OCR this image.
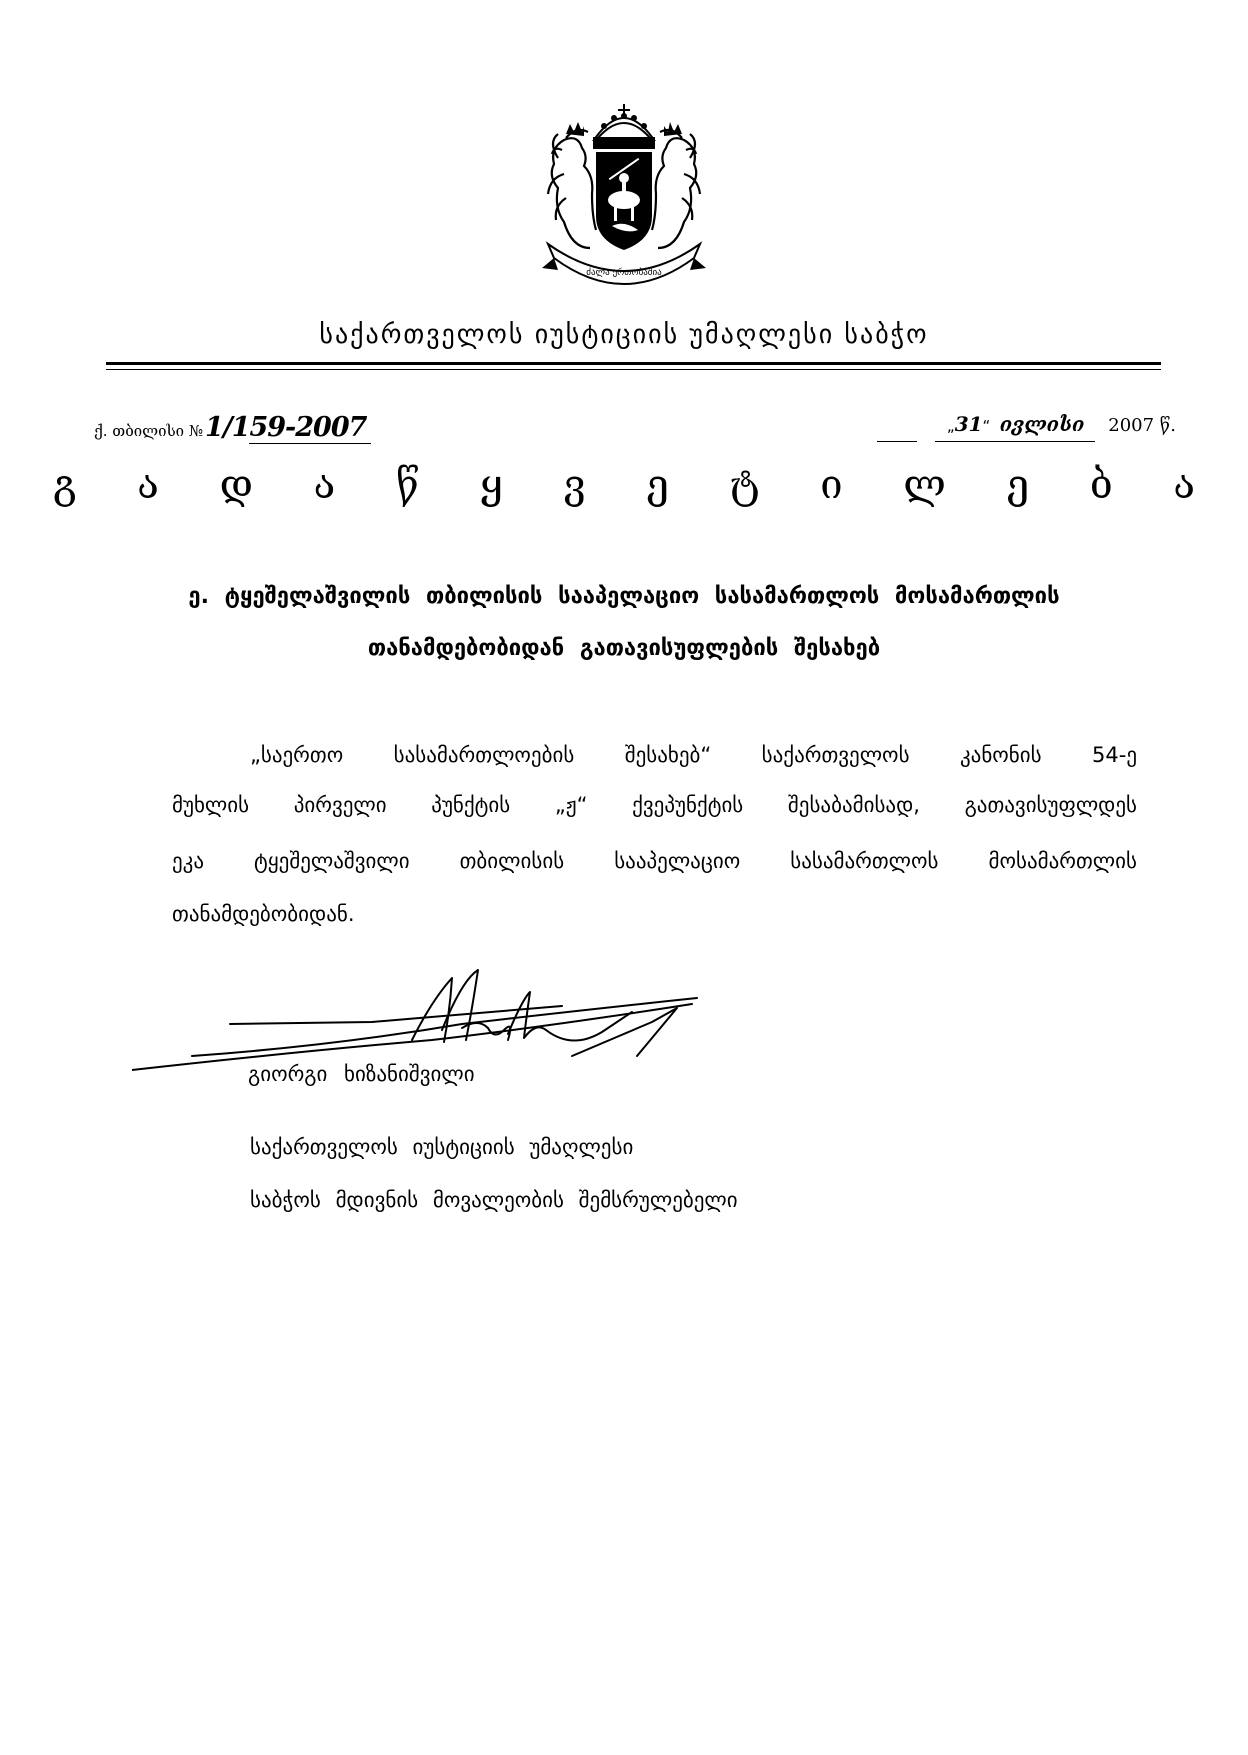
ძალა ერთობაშია
საქართველოს იუსტიციის უმაღლესი საბჭო
ქ. თბილისი №1/159-2007	„31“  ივლისი 2007 წ.
გ ა დ ა წ ყ ვ ე ტ ი ლ ე ბ ა
ე. ტყეშელაშვილის თბილისის სააპელაციო სასამართლოს მოსამართლის
თანამდებობიდან გათავისუფლების შესახებ
„საერთო სასამართლოების შესახებ“ საქართველოს კანონის 54-ე
მუხლის პირველი პუნქტის „ჟ“ ქვეპუნქტის შესაბამისად, გათავისუფლდეს
ეკა ტყეშელაშვილი თბილისის სააპელაციო სასამართლოს მოსამართლის
თანამდებობიდან.
გიორგი ხიზანიშვილი
საქართველოს იუსტიციის უმაღლესი
საბჭოს მდივნის მოვალეობის შემსრულებელი
